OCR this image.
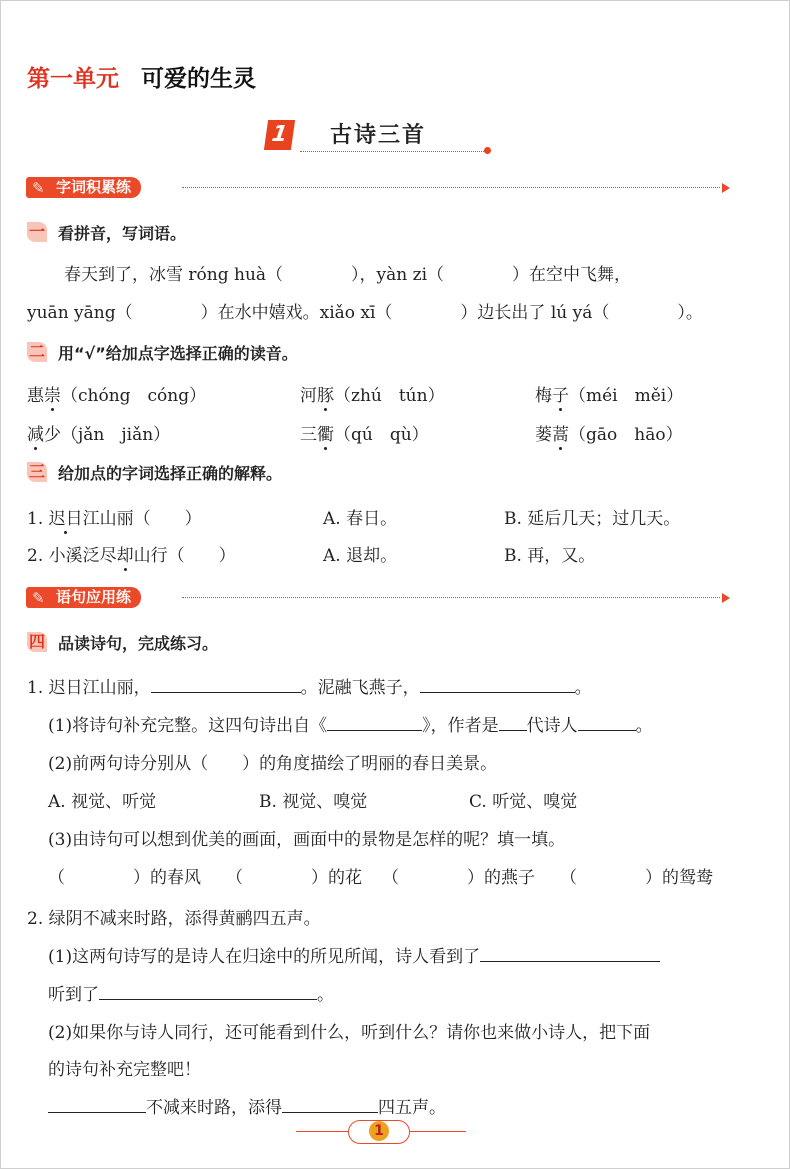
第一单元 可爱的生灵
1 古诗三首
✎ 字词积累练
一 看拼音，写词语。
春天到了，冰雪 róng huà（　　　　），yàn zi（　　　　）在空中飞舞，
yuān yāng（　　　　）在水中嬉戏。xiǎo xī（　　　　）边长出了 lú yá（　　　　）。
二 用“√”给加点字选择正确的读音。
惠崇（chóng　cóng）	河豚（zhú　tún）	梅子（méi　měi）
减少（jǎn　jiǎn）	三衢（qú　qù）	蒌蒿（gāo　hāo）
三 给加点的字词选择正确的解释。
1. 迟日江山丽（　　）	A. 春日。	B. 延后几天；过几天。
2. 小溪泛尽却山行（　　）	A. 退却。	B. 再，又。
✎ 语句应用练
四 品读诗句，完成练习。
1. 迟日江山丽，	。泥融飞燕子，	。
(1)将诗句补充完整。这四句诗出自《	》，作者是 代诗人	。
(2)前两句诗分别从（　　）的角度描绘了明丽的春日美景。
A. 视觉、听觉	B. 视觉、嗅觉	C. 听觉、嗅觉
(3)由诗句可以想到优美的画面，画面中的景物是怎样的呢？填一填。
（　　　　）的春风 （　　　　）的花 （　　　　）的燕子 （　　　　）的鸳鸯
2. 绿阴不减来时路，添得黄鹂四五声。
(1)这两句诗写的是诗人在归途中的所见所闻，诗人看到了
听到了	。
(2)如果你与诗人同行，还可能看到什么，听到什么？请你也来做小诗人，把下面
的诗句补充完整吧！
不减来时路，添得	四五声。
1
